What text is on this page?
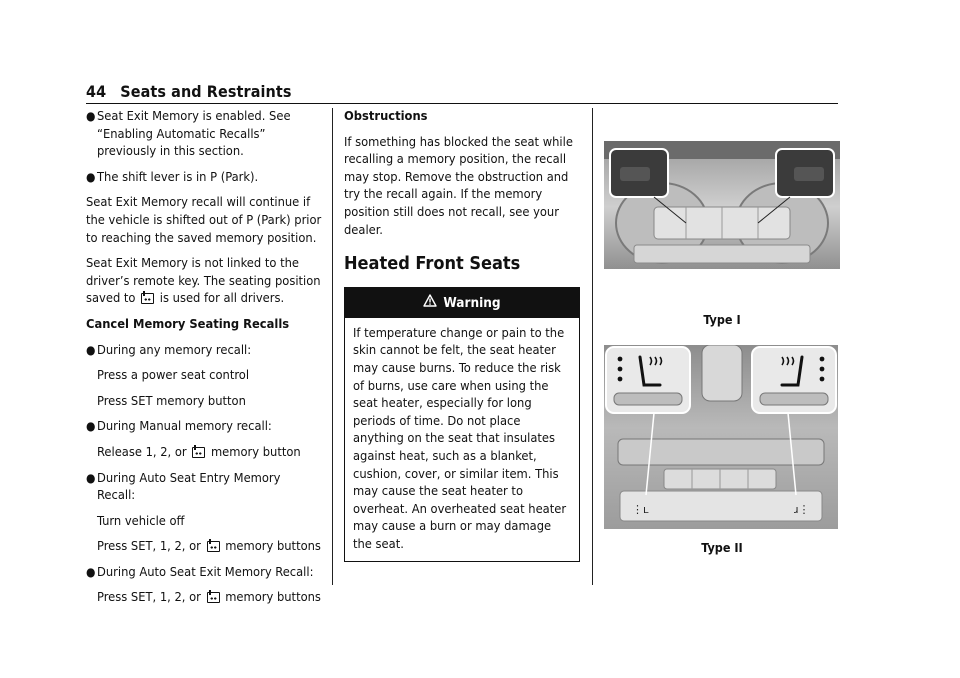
44 Seats and Restraints
● Seat Exit Memory is enabled. See “Enabling Automatic Recalls” previously in this section.
● The shift lever is in P (Park).

Seat Exit Memory recall will continue if the vehicle is shifted out of P (Park) prior to reaching the saved memory position.

Seat Exit Memory is not linked to the driver’s remote key. The seating position saved to is used for all drivers.

Cancel Memory Seating Recalls
● During any memory recall:
Press a power seat control
Press SET memory button
● During Manual memory recall:
Release 1, 2, or memory button
● During Auto Seat Entry Memory Recall:
Turn vehicle off
Press SET, 1, 2, or memory buttons
● During Auto Seat Exit Memory Recall:
Press SET, 1, 2, or memory buttons
Obstructions

If something has blocked the seat while recalling a memory position, the recall may stop. Remove the obstruction and try the recall again. If the memory position still does not recall, see your dealer.

Heated Front Seats
Warning
If temperature change or pain to the skin cannot be felt, the seat heater may cause burns. To reduce the risk of burns, use care when using the seat heater, especially for long periods of time. Do not place anything on the seat that insulates against heat, such as a blanket, cushion, cover, or similar item. This may cause the seat heater to overheat. An overheated seat heater may cause a burn or may damage the seat.
Type I
⋮ʟ	ɹ⋮
Type II
